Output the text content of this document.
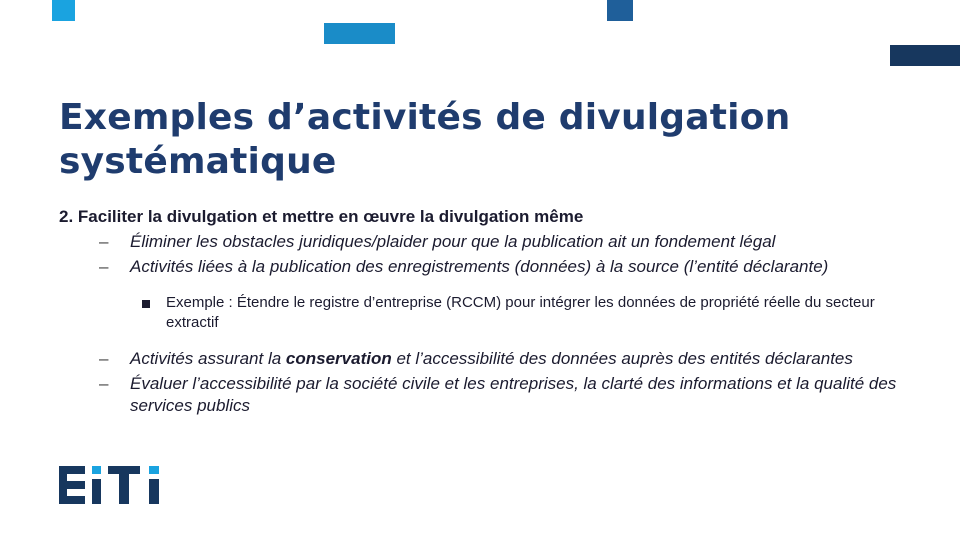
Exemples d’activités de divulgation systématique
2. Faciliter la divulgation et mettre en œuvre la divulgation même
– Éliminer les obstacles juridiques/plaider pour que la publication ait un fondement légal
– Activités liées à la publication des enregistrements (données) à la source (l’entité déclarante)
Exemple : Étendre le registre d’entreprise (RCCM) pour intégrer les données de propriété réelle du secteur extractif
– Activités assurant la conservation et l’accessibilité des données auprès des entités déclarantes
– Évaluer l’accessibilité par la société civile et les entreprises, la clarté des informations et la qualité des services publics
